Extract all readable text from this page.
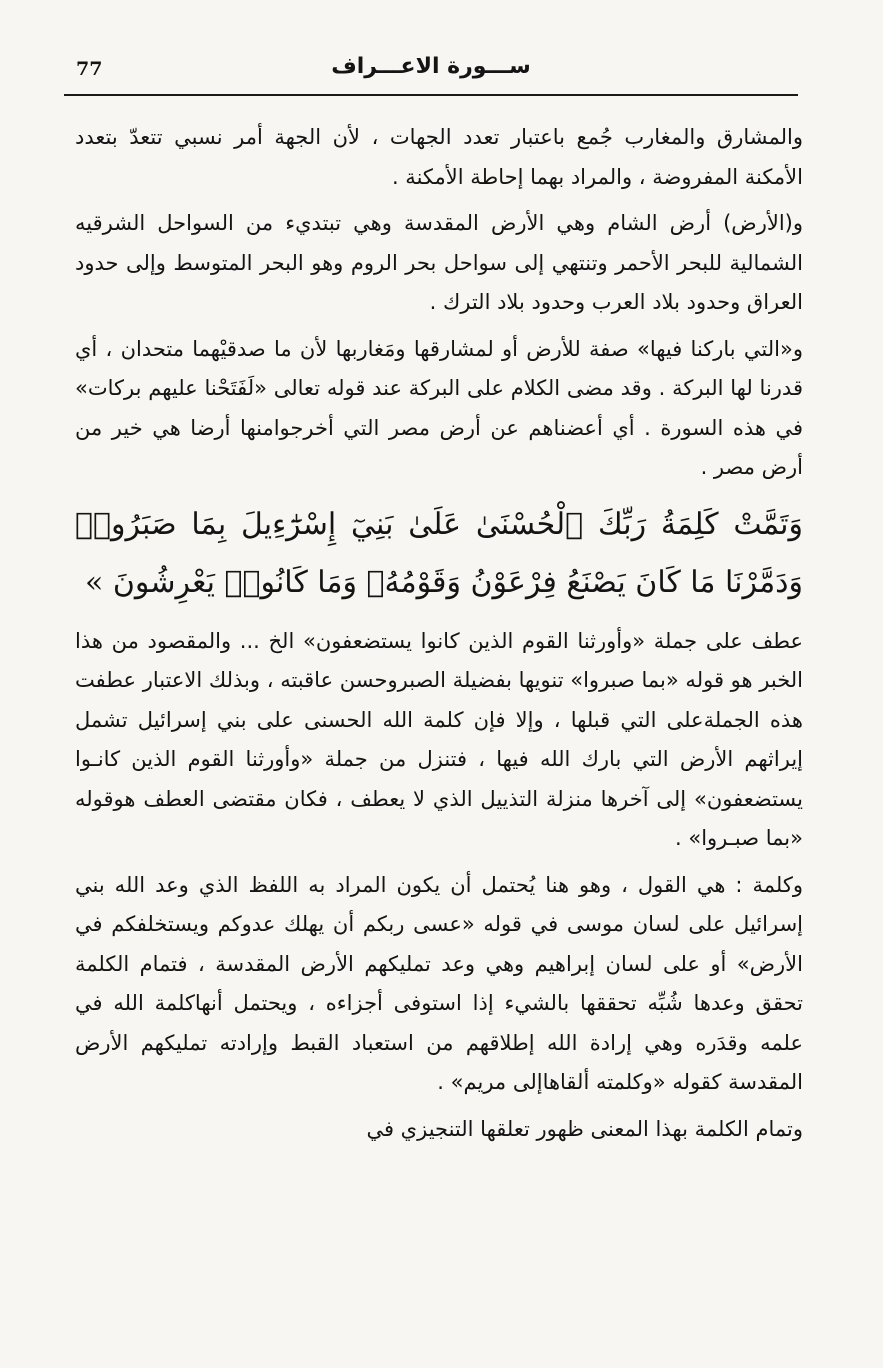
77	ســـورة الاعـــراف

والمشارق والمغارب جُمع باعتبار تعدد الجهات ، لأن الجهة أمر نسبي تتعدّ بتعدد الأمكنة المفروضة ، والمراد بهما إحاطة الأمكنة .

و(الأرض) أرض الشام وهي الأرض المقدسة وهي تبتديء من السواحل الشرقيه الشمالية للبحر الأحمر وتنتهي إلى سواحل بحر الروم وهو البحر المتوسط وإلى حدود العراق وحدود بلاد العرب وحدود بلاد الترك .

و«التي باركنا فيها» صفة للأرض أو لمشارقها ومَغاربها لأن ما صدقيْهما متحدان ، أي قدرنا لها البركة . وقد مضى الكلام على البركة عند قوله تعالى «لَفَتَحْنا عليهم بركات» في هذه السورة . أي أعضناهم عن أرض مصر التي أخرجوامنها أرضا هي خير من أرض مصر .

وَتَمَّتْ كَلِمَةُ رَبِّكَ ٱلْحُسْنَىٰ عَلَىٰ بَنِيٓ إِسْرَٰٓءِيلَ بِمَا صَبَرُوا۟ وَدَمَّرْنَا مَا كَانَ يَصْنَعُ فِرْعَوْنُ وَقَوْمُهُۥ وَمَا كَانُوا۟ يَعْرِشُونَ »

عطف على جملة «وأورثنا القوم الذين كانوا يستضعفون» الخ ... والمقصود من هذا الخبر هو قوله «بما صبروا» تنويها بفضيلة الصبروحسن عاقبته ، وبذلك الاعتبار عطفت هذه الجملةعلى التي قبلها ، وإلا فإن كلمة الله الحسنى على بني إسرائيل تشمل إيراثهم الأرض التي بارك الله فيها ، فتنزل من جملة «وأورثنا القوم الذين كانـوا يستضعفون» إلى آخرها منزلة التذييل الذي لا يعطف ، فكان مقتضى العطف هوقوله «بما صبـروا» .

وكلمة : هي القول ، وهو هنا يُحتمل أن يكون المراد به اللفظ الذي وعد الله بني إسرائيل على لسان موسى في قوله «عسى ربكم أن يهلك عدوكم ويستخلفكم في الأرض» أو على لسان إبراهيم وهي وعد تمليكهم الأرض المقدسة ، فتمام الكلمة تحقق وعدها شُبِّه تحققها بالشيء إذا استوفى أجزاءه ، ويحتمل أنهاكلمة الله في علمه وقدَره وهي إرادة الله إطلاقهم من استعباد القبط وإرادته تمليكهم الأرض المقدسة كقوله «وكلمته ألقاهاإلى مريم» .

وتمام الكلمة بهذا المعنى ظهور تعلقها التنجيزي في
